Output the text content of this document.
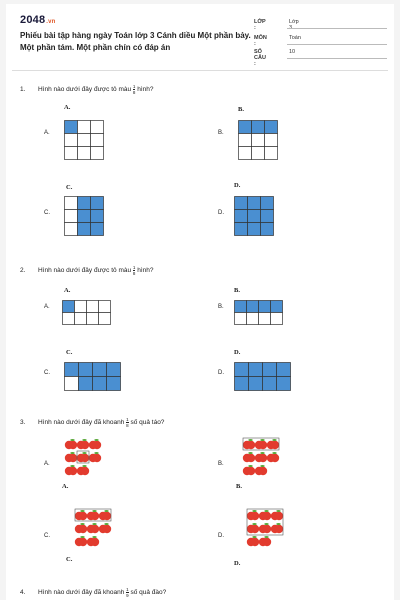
2048.vn
Phiếu bài tập hàng ngày Toán lớp 3 Cánh diều Một phần bảy. Một phần tám. Một phần chín có đáp án
LỚP :
Lớp 3
MÔN :
Toán
SỐ CÂU :
10
1. Hình nào dưới đây được tô màu $\frac{1}{8}$ hình?
A.
A.
B.
B.
C.
C.
D.
D.
2. Hình nào dưới đây được tô màu $\frac{1}{8}$ hình?
A.
A.
B.
B.
C.
C.
D.
D.
3. Hình nào dưới đây đã khoanh $\frac{1}{8}$ số quả táo?
A.
A.
B.
B.
C.
C.
D.
D.
4. Hình nào dưới đây đã khoanh $\frac{1}{9}$ số quả đào?
